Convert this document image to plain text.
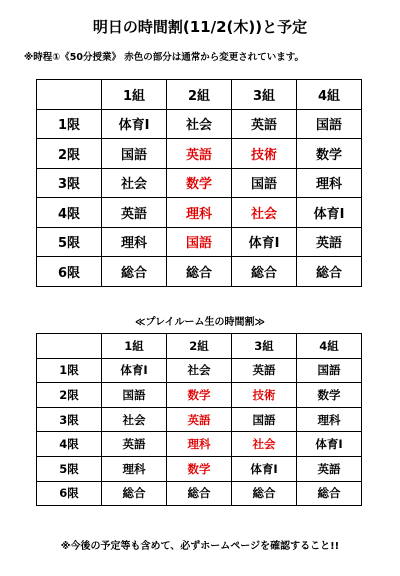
明日の時間割(11/2(木))と予定
※時程①《50分授業》 赤色の部分は通常から変更されています。
	1組	2組	3組	4組
1限	体育Ⅰ	社会	英語	国語
2限	国語	英語	技術	数学
3限	社会	数学	国語	理科
4限	英語	理科	社会	体育Ⅰ
5限	理科	国語	体育Ⅰ	英語
6限	総合	総合	総合	総合
≪プレイルーム生の時間割≫
	1組	2組	3組	4組
1限	体育Ⅰ	社会	英語	国語
2限	国語	数学	技術	数学
3限	社会	英語	国語	理科
4限	英語	理科	社会	体育Ⅰ
5限	理科	数学	体育Ⅰ	英語
6限	総合	総合	総合	総合
※今後の予定等も含めて、必ずホームページを確認すること!!
